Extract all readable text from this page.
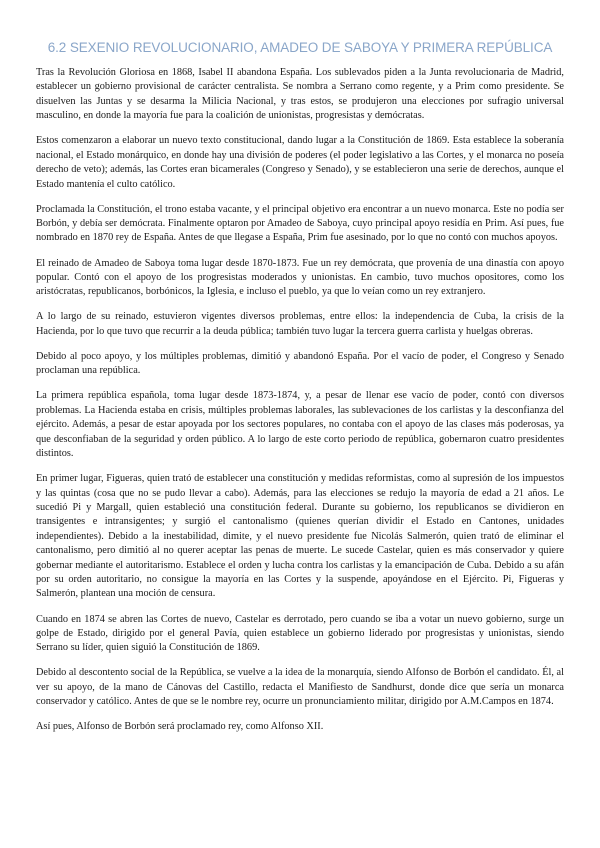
6.2 SEXENIO REVOLUCIONARIO, AMADEO DE SABOYA Y PRIMERA REPÚBLICA

Tras la Revolución Gloriosa en 1868, Isabel II abandona España. Los sublevados piden a la Junta revolucionaria de Madrid, establecer un gobierno provisional de carácter centralista. Se nombra a Serrano como regente, y a Prim como presidente. Se disuelven las Juntas y se desarma la Milicia Nacional, y tras estos, se produjeron una elecciones por sufragio universal masculino, en donde la mayoría fue para la coalición de unionistas, progresistas y demócratas.

Estos comenzaron a elaborar un nuevo texto constitucional, dando lugar a la Constitución de 1869. Esta establece la soberanía nacional, el Estado monárquico, en donde hay una división de poderes (el poder legislativo a las Cortes, y el monarca no poseía derecho de veto); además, las Cortes eran bicamerales (Congreso y Senado), y se establecieron una serie de derechos, aunque el Estado mantenía el culto católico.

Proclamada la Constitución, el trono estaba vacante, y el principal objetivo era encontrar a un nuevo monarca. Este no podía ser Borbón, y debía ser demócrata. Finalmente optaron por Amadeo de Saboya, cuyo principal apoyo residía en Prim. Así pues, fue nombrado en 1870 rey de España. Antes de que llegase a España, Prim fue asesinado, por lo que no contó con muchos apoyos.

El reinado de Amadeo de Saboya toma lugar desde 1870-1873. Fue un rey demócrata, que provenía de una dinastía con apoyo popular. Contó con el apoyo de los progresistas moderados y unionistas. En cambio, tuvo muchos opositores, como los aristócratas, republicanos, borbónicos, la Iglesia, e incluso el pueblo, ya que lo veían como un rey extranjero.

A lo largo de su reinado, estuvieron vigentes diversos problemas, entre ellos: la independencia de Cuba, la crisis de la Hacienda, por lo que tuvo que recurrir a la deuda pública; también tuvo lugar la tercera guerra carlista y huelgas obreras.

Debido al poco apoyo, y los múltiples problemas, dimitió y abandonó España. Por el vacío de poder, el Congreso y Senado proclaman una república.

La primera república española, toma lugar desde 1873-1874, y, a pesar de llenar ese vacío de poder, contó con diversos problemas. La Hacienda estaba en crisis, múltiples problemas laborales, las sublevaciones de los carlistas y la desconfianza del ejército. Además, a pesar de estar apoyada por los sectores populares, no contaba con el apoyo de las clases más poderosas, ya que desconfiaban de la seguridad y orden público. A lo largo de este corto periodo de república, gobernaron cuatro presidentes distintos.

En primer lugar, Figueras, quien trató de establecer una constitución y medidas reformistas, como al supresión de los impuestos y las quintas (cosa que no se pudo llevar a cabo). Además, para las elecciones se redujo la mayoría de edad a 21 años. Le sucedió Pi y Margall, quien estableció una constitución federal. Durante su gobierno, los republicanos se dividieron en transigentes e intransigentes; y surgió el cantonalismo (quienes querían dividir el Estado en Cantones, unidades independientes). Debido a la inestabilidad, dimite, y el nuevo presidente fue Nicolás Salmerón, quien trató de eliminar el cantonalismo, pero dimitió al no querer aceptar las penas de muerte. Le sucede Castelar, quien es más conservador y quiere gobernar mediante el autoritarismo. Establece el orden y lucha contra los carlistas y la emancipación de Cuba. Debido a su afán por su orden autoritario, no consigue la mayoría en las Cortes y la suspende, apoyándose en el Ejército. Pi, Figueras y Salmerón, plantean una moción de censura.

Cuando en 1874 se abren las Cortes de nuevo, Castelar es derrotado, pero cuando se iba a votar un nuevo gobierno, surge un golpe de Estado, dirigido por el general Pavía, quien establece un gobierno liderado por progresistas y unionistas, siendo Serrano su líder, quien siguió la Constitución de 1869.

Debido al descontento social de la República, se vuelve a la idea de la monarquía, siendo Alfonso de Borbón el candidato. Él, al ver su apoyo, de la mano de Cánovas del Castillo, redacta el Manifiesto de Sandhurst, donde dice que sería un monarca conservador y católico. Antes de que se le nombre rey, ocurre un pronunciamiento militar, dirigido por A.M.Campos en 1874.

Así pues, Alfonso de Borbón será proclamado rey, como Alfonso XII.
